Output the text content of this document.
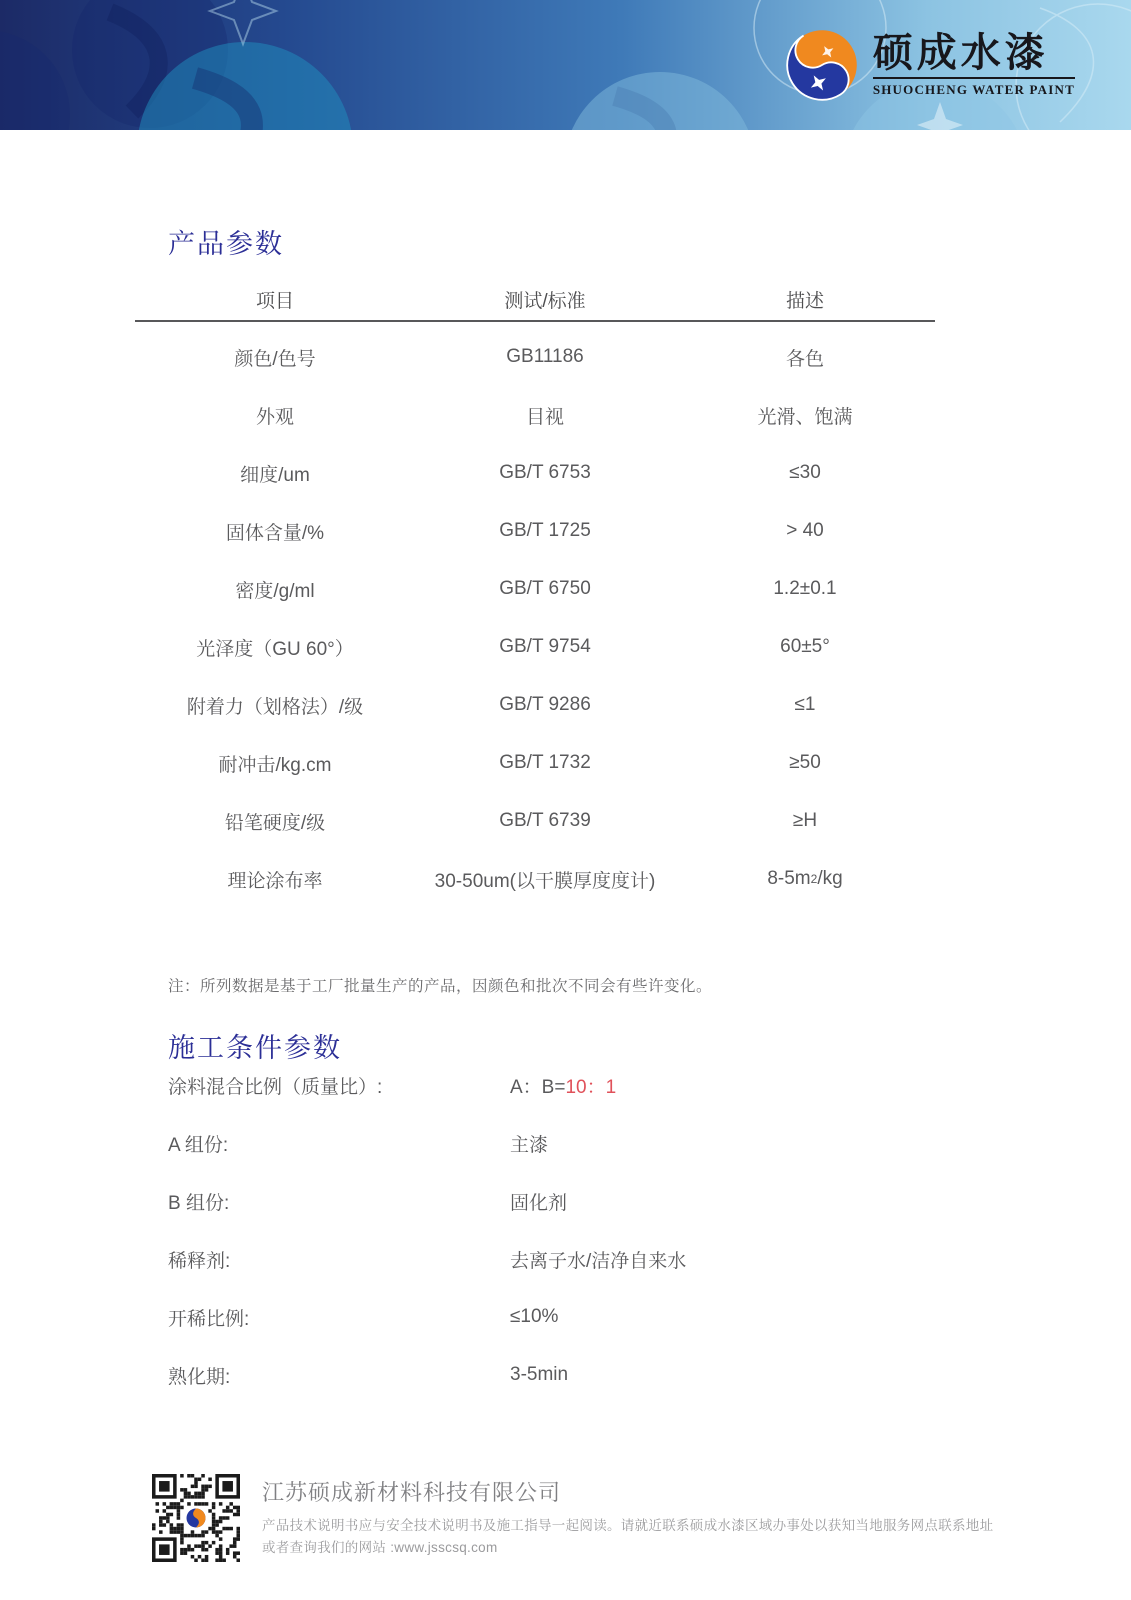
硕成水漆
SHUOCHENG WATER PAINT
产品参数
项目	测试/标准	描述
颜色/色号	GB11186	各色
外观	目视	光滑、饱满
细度/um	GB/T 6753	≤30
固体含量/%	GB/T 1725	> 40
密度/g/ml	GB/T 6750	1.2±0.1
光泽度（GU 60°）	GB/T 9754	60±5°
附着力（划格法）/级	GB/T 9286	≤1
耐冲击/kg.cm	GB/T 1732	≥50
铅笔硬度/级	GB/T 6739	≥H
理论涂布率	30-50um(以干膜厚度度计)	8-5m 2 /kg

注：所列数据是基于工厂批量生产的产品，因颜色和批次不同会有些许变化。

施工条件参数
涂料混合比例（质量比）:	A：B= 10：1
A 组份:	主漆
B 组份:	固化剂
稀释剂:	去离子水/洁净自来水
开稀比例:	≤10%
熟化期:	3-5min
江苏硕成新材料科技有限公司
产品技术说明书应与安全技术说明书及施工指导一起阅读。请就近联系硕成水漆区域办事处以获知当地服务网点联系地址
或者查询我们的网站 :www.jsscsq.com
